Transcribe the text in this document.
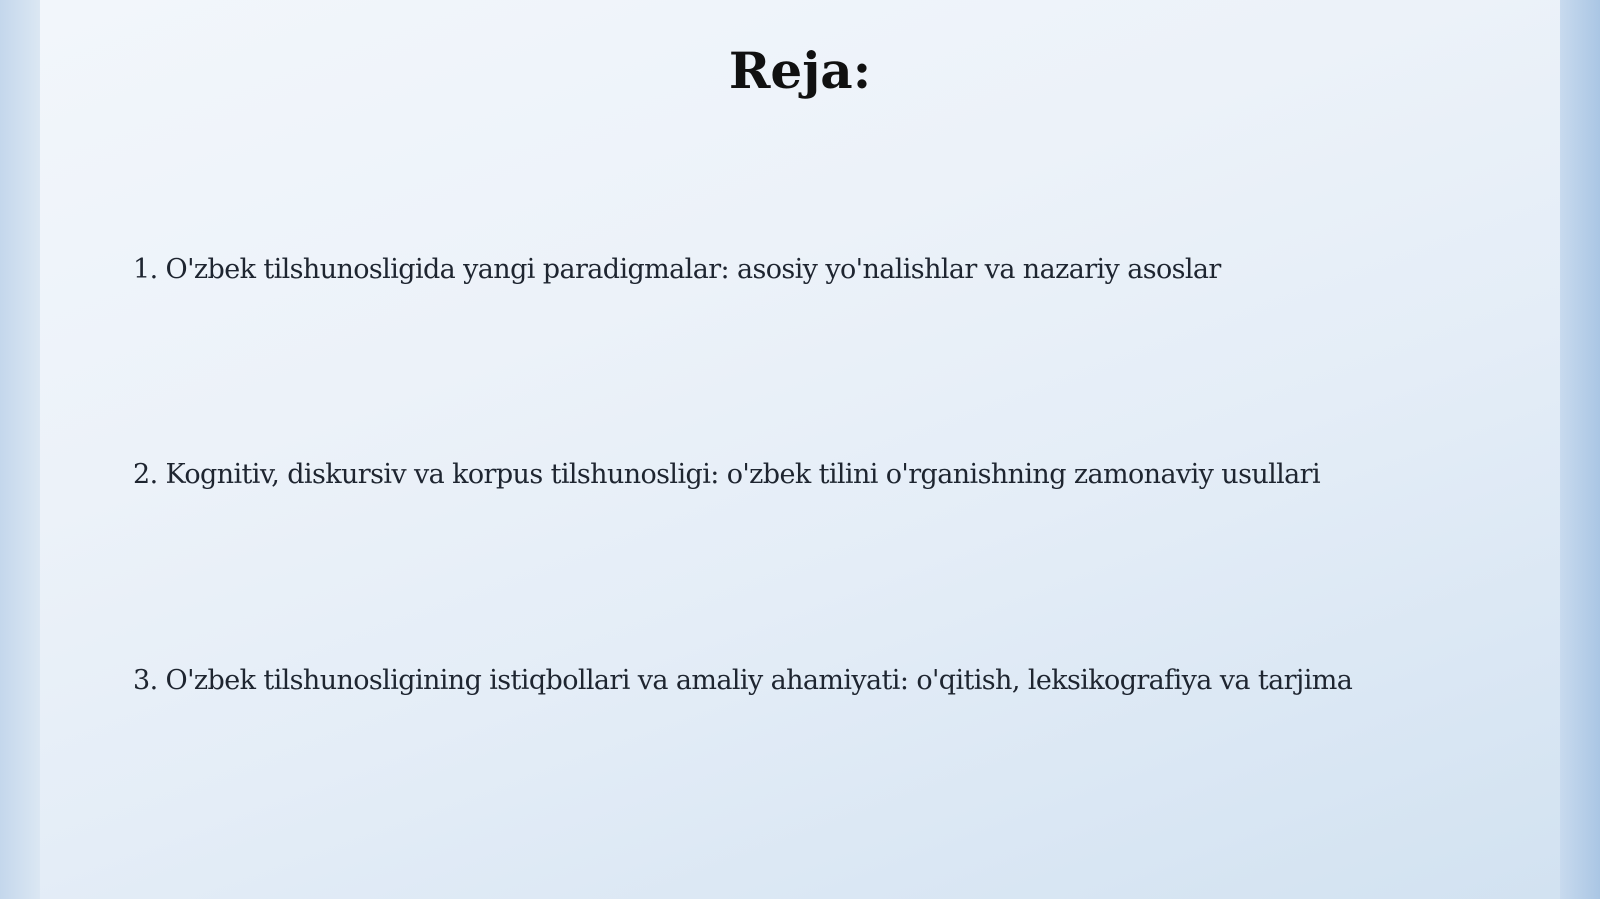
Reja:
1. O'zbek tilshunosligida yangi paradigmalar: asosiy yo'nalishlar va nazariy asoslar
2. Kognitiv, diskursiv va korpus tilshunosligi: o'zbek tilini o'rganishning zamonaviy usullari
3. O'zbek tilshunosligining istiqbollari va amaliy ahamiyati: o'qitish, leksikografiya va tarjima
